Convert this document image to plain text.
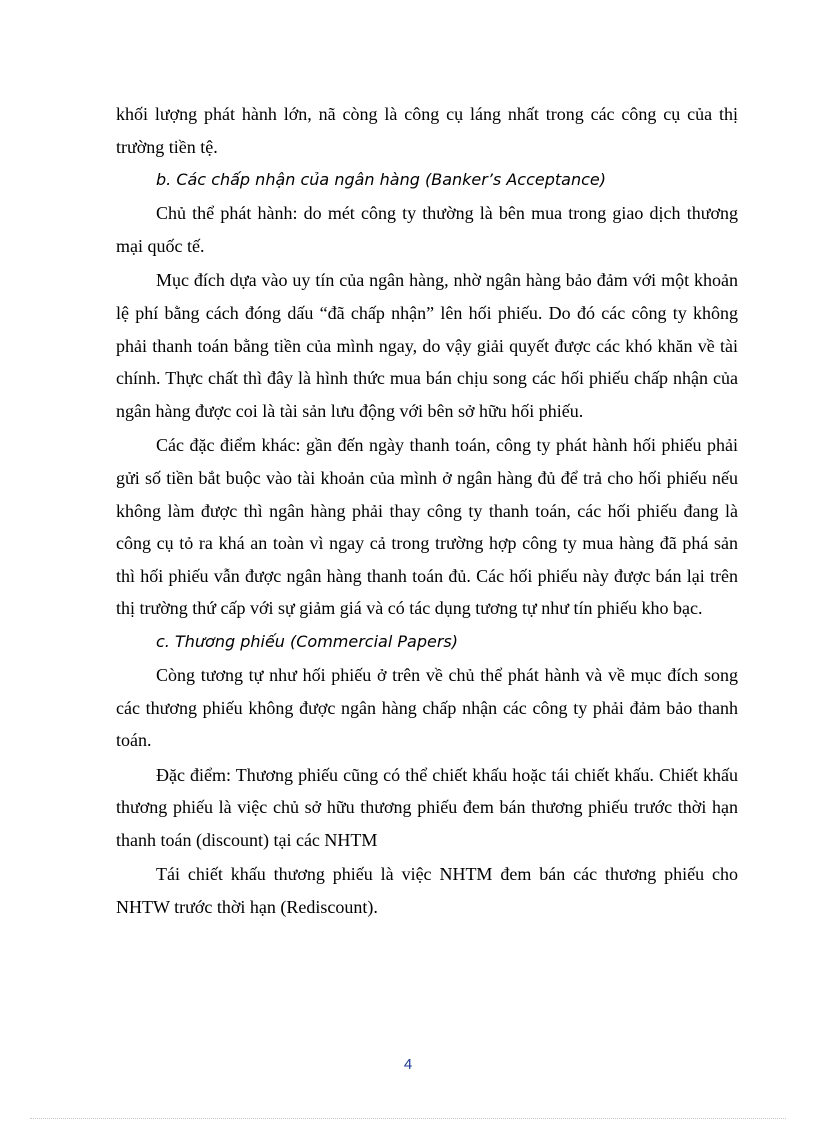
khối lượng phát hành lớn, nã còng là công cụ láng nhất trong các công cụ của thị trường tiền tệ.

b. Các chấp nhận của ngân hàng (Banker’s Acceptance)

Chủ thể phát hành: do mét công ty thường là bên mua trong giao dịch thương mại quốc tế.

Mục đích dựa vào uy tín của ngân hàng, nhờ ngân hàng bảo đảm với một khoản lệ phí bằng cách đóng dấu “đã chấp nhận” lên hối phiếu. Do đó các công ty không phải thanh toán bằng tiền của mình ngay, do vậy giải quyết được các khó khăn về tài chính. Thực chất thì đây là hình thức mua bán chịu song các hối phiếu chấp nhận của ngân hàng được coi là tài sản lưu động với bên sở hữu hối phiếu.

Các đặc điểm khác: gần đến ngày thanh toán, công ty phát hành hối phiếu phải gửi số tiền bắt buộc vào tài khoản của mình ở ngân hàng đủ để trả cho hối phiếu nếu không làm được thì ngân hàng phải thay công ty thanh toán, các hối phiếu đang là công cụ tỏ ra khá an toàn vì ngay cả trong trường hợp công ty mua hàng đã phá sản thì hối phiếu vẫn được ngân hàng thanh toán đủ. Các hối phiếu này được bán lại trên thị trường thứ cấp với sự giảm giá và có tác dụng tương tự như tín phiếu kho bạc.

c. Thương phiếu (Commercial Papers)

Còng tương tự như hối phiếu ở trên về chủ thể phát hành và về mục đích song các thương phiếu không được ngân hàng chấp nhận các công ty phải đảm bảo thanh toán.

Đặc điểm: Thương phiếu cũng có thể chiết khấu hoặc tái chiết khấu. Chiết khấu thương phiếu là việc chủ sở hữu thương phiếu đem bán thương phiếu trước thời hạn thanh toán (discount) tại các NHTM

Tái chiết khấu thương phiếu là việc NHTM đem bán các thương phiếu cho NHTW trước thời hạn (Rediscount).

4
